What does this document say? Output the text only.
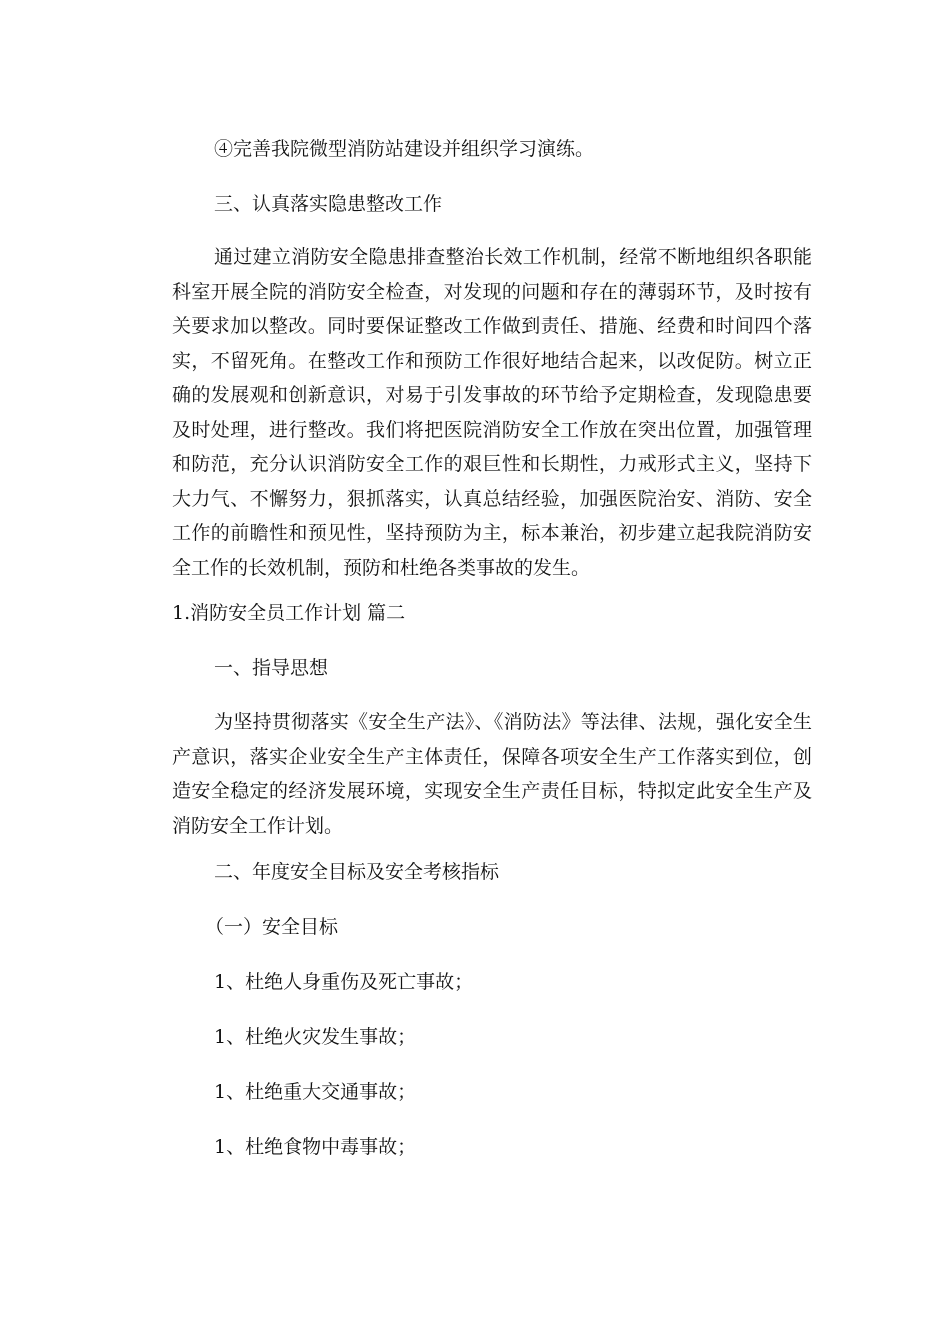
④完善我院微型消防站建设并组织学习演练。
三、认真落实隐患整改工作
通过建立消防安全隐患排查整治长效工作机制，经常不断地组织各职能科室开展全院的消防安全检查，对发现的问题和存在的薄弱环节，及时按有关要求加以整改。同时要保证整改工作做到责任、措施、经费和时间四个落实，不留死角。在整改工作和预防工作很好地结合起来，以改促防。树立正确的发展观和创新意识，对易于引发事故的环节给予定期检查，发现隐患要及时处理，进行整改。我们将把医院消防安全工作放在突出位置，加强管理和防范，充分认识消防安全工作的艰巨性和长期性，力戒形式主义，坚持下大力气、不懈努力，狠抓落实，认真总结经验，加强医院治安、消防、安全工作的前瞻性和预见性，坚持预防为主，标本兼治，初步建立起我院消防安全工作的长效机制，预防和杜绝各类事故的发生。
1.消防安全员工作计划 篇二
一、指导思想
为坚持贯彻落实《安全生产法》、《消防法》等法律、法规，强化安全生产意识，落实企业安全生产主体责任，保障各项安全生产工作落实到位，创造安全稳定的经济发展环境，实现安全生产责任目标，特拟定此安全生产及消防安全工作计划。
二、年度安全目标及安全考核指标
（一）安全目标
1、杜绝人身重伤及死亡事故；
1、杜绝火灾发生事故；
1、杜绝重大交通事故；
1、杜绝食物中毒事故；
